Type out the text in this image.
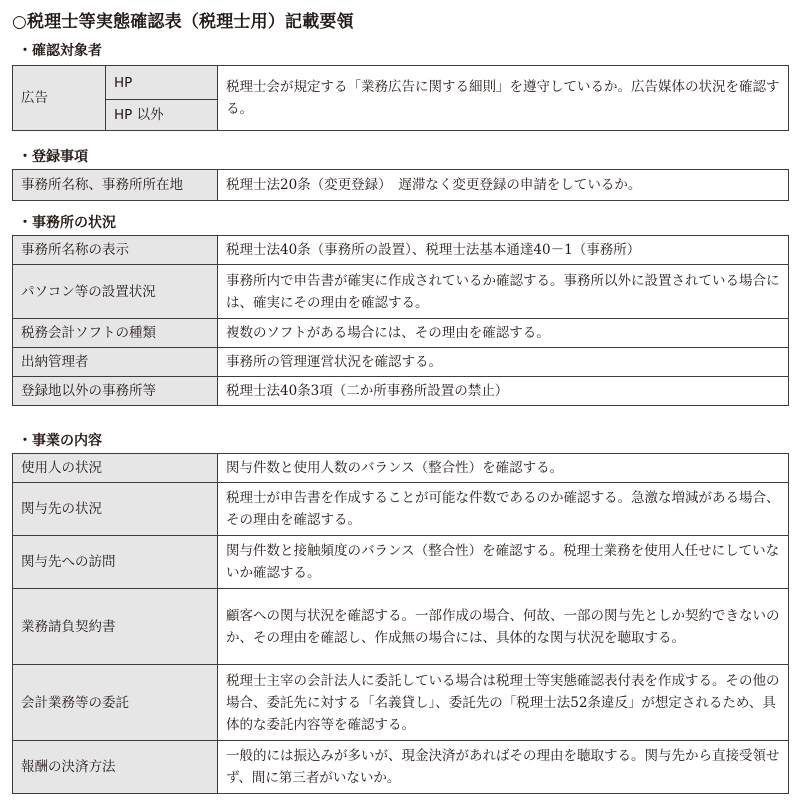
○税理士等実態確認表（税理士用）記載要領
・確認対象者
広告	HP	税理士会が規定する「業務広告に関する細則」を遵守しているか。広告媒体の状況を確認する。
HP 以外
・登録事項
事務所名称、事務所所在地	税理士法20条（変更登録）　遅滞なく変更登録の申請をしているか。
・事務所の状況
事務所名称の表示	税理士法40条（事務所の設置）、税理士法基本通達40－1（事務所）
パソコン等の設置状況	事務所内で申告書が確実に作成されているか確認する。事務所以外に設置されている場合には、確実にその理由を確認する。
税務会計ソフトの種類	複数のソフトがある場合には、その理由を確認する。
出納管理者	事務所の管理運営状況を確認する。
登録地以外の事務所等	税理士法40条3項（二か所事務所設置の禁止）
・事業の内容
使用人の状況	関与件数と使用人数のバランス（整合性）を確認する。
関与先の状況	税理士が申告書を作成することが可能な件数であるのか確認する。急激な増減がある場合、その理由を確認する。
関与先への訪問	関与件数と接触頻度のバランス（整合性）を確認する。税理士業務を使用人任せにしていないか確認する。
業務請負契約書	顧客への関与状況を確認する。一部作成の場合、何故、一部の関与先としか契約できないのか、その理由を確認し、作成無の場合には、具体的な関与状況を聴取する。
会計業務等の委託	税理士主宰の会計法人に委託している場合は税理士等実態確認表付表を作成する。その他の場合、委託先に対する「名義貸し」、委託先の「税理士法52条違反」が想定されるため、具体的な委託内容等を確認する。
報酬の決済方法	一般的には振込みが多いが、現金決済があればその理由を聴取する。関与先から直接受領せず、間に第三者がいないか。
